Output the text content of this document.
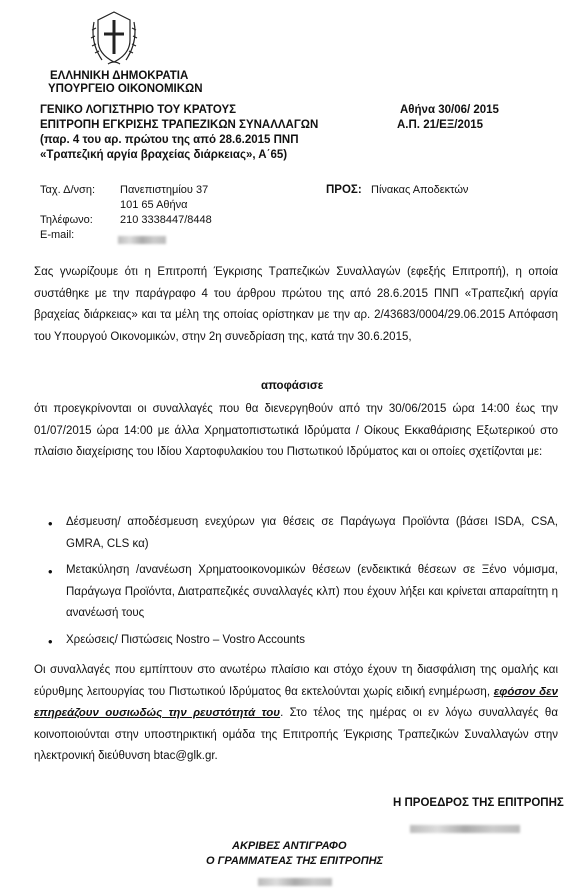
ΕΛΛΗΝΙΚΗ ΔΗΜΟΚΡΑΤΙΑ
ΥΠΟΥΡΓΕΙΟ ΟΙΚΟΝΟΜΙΚΩΝ
ΓΕΝΙΚΟ ΛΟΓΙΣΤΗΡΙΟ ΤΟΥ ΚΡΑΤΟΥΣ
ΕΠΙΤΡΟΠΗ ΕΓΚΡΙΣΗΣ ΤΡΑΠΕΖΙΚΩΝ ΣΥΝΑΛΛΑΓΩΝ
(παρ. 4 του αρ. πρώτου της από 28.6.2015 ΠΝΠ
«Τραπεζική αργία βραχείας διάρκειας», Α΄65)
Αθήνα 30/06/ 2015
Α.Π. 21/ΕΞ/2015
Ταχ. Δ/νση: Πανεπιστημίου 37
101 65 Αθήνα
Τηλέφωνο: 210 3338447/8448
E-mail:
ΠΡΟΣ: Πίνακας Αποδεκτών
Σας γνωρίζουμε ότι η Επιτροπή Έγκρισης Τραπεζικών Συναλλαγών (εφεξής Επιτροπή), η οποία συστάθηκε με την παράγραφο 4 του άρθρου πρώτου της από 28.6.2015 ΠΝΠ «Τραπεζική αργία βραχείας διάρκειας» και τα μέλη της οποίας ορίστηκαν με την αρ. 2/43683/0004/29.06.2015 Απόφαση του Υπουργού Οικονομικών, στην 2η συνεδρίαση της, κατά την 30.6.2015,
αποφάσισε
ότι προεγκρίνονται οι συναλλαγές που θα διενεργηθούν από την 30/06/2015 ώρα 14:00 έως την 01/07/2015 ώρα 14:00 με άλλα Χρηματοπιστωτικά Ιδρύματα / Οίκους Εκκαθάρισης Εξωτερικού στο πλαίσιο διαχείρισης του Ιδίου Χαρτοφυλακίου του Πιστωτικού Ιδρύματος και οι οποίες σχετίζονται με:
• Δέσμευση/ αποδέσμευση ενεχύρων για θέσεις σε Παράγωγα Προϊόντα (βάσει ISDA, CSA, GMRA, CLS κα)
• Μετακύληση /ανανέωση Χρηματοοικονομικών θέσεων (ενδεικτικά θέσεων σε Ξένο νόμισμα, Παράγωγα Προϊόντα, Διατραπεζικές συναλλαγές κλπ) που έχουν λήξει και κρίνεται απαραίτητη η ανανέωσή τους
• Χρεώσεις/ Πιστώσεις Nostro – Vostro Accounts
Οι συναλλαγές που εμπίπτουν στο ανωτέρω πλαίσιο και στόχο έχουν τη διασφάλιση της ομαλής και εύρυθμης λειτουργίας του Πιστωτικού Ιδρύματος θα εκτελούνται χωρίς ειδική ενημέρωση, εφόσον δεν επηρεάζουν ουσιωδώς την ρευστότητά του. Στο τέλος της ημέρας οι εν λόγω συναλλαγές θα κοινοποιούνται στην υποστηρικτική ομάδα της Επιτροπής Έγκρισης Τραπεζικών Συναλλαγών στην ηλεκτρονική διεύθυνση btac@glk.gr.
Η ΠΡΟΕΔΡΟΣ ΤΗΣ ΕΠΙΤΡΟΠΗΣ
ΑΚΡΙΒΕΣ ΑΝΤΙΓΡΑΦΟ
Ο ΓΡΑΜΜΑΤΕΑΣ ΤΗΣ ΕΠΙΤΡΟΠΗΣ
